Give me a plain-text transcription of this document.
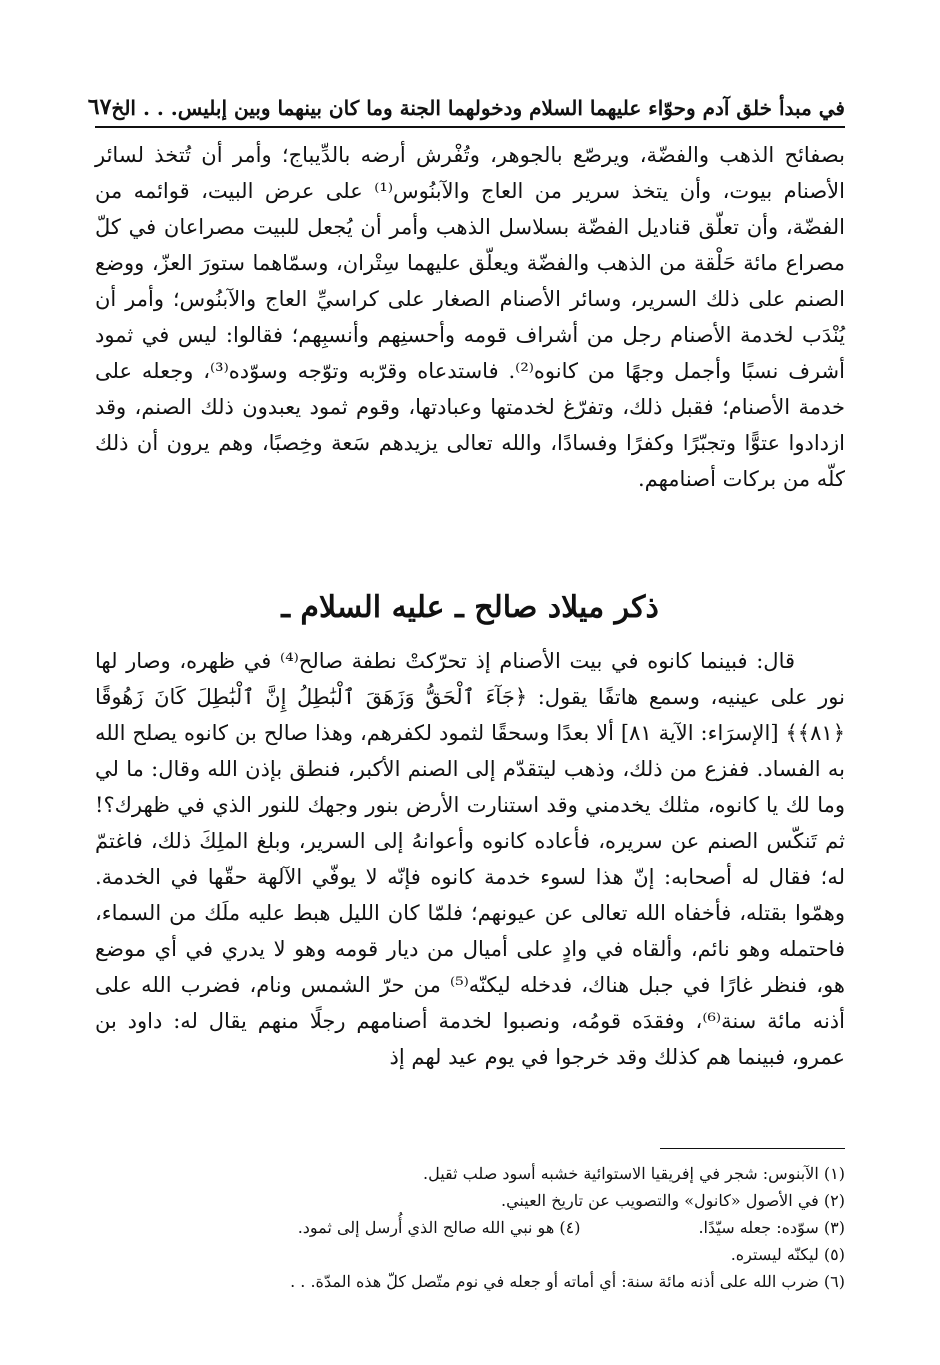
في مبدأ خلق آدم وحوّاء عليهما السلام ودخولهما الجنة وما كان بينهما وبين إبليس. . . الخ
٦٧

بصفائح الذهب والفضّة، ويرصّع بالجوهر، وتُفْرش أرضه بالدِّيباج؛ وأمر أن تُتخذ لسائر الأصنام بيوت، وأن يتخذ سرير من العاج والآبنُوس⁽¹⁾ على عرض البيت، قوائمه من الفضّة، وأن تعلّق قناديل الفضّة بسلاسل الذهب وأمر أن يُجعل للبيت مصراعان في كلّ مصراع مائة حَلْقة من الذهب والفضّة ويعلّق عليهما سِتْران، وسمّاهما ستورَ العزّ، ووضع الصنم على ذلك السرير، وسائر الأصنام الصغار على كراسيِّ العاج والآبنُوس؛ وأمر أن يُنْدَب لخدمة الأصنام رجل من أشراف قومه وأحسنِهم وأنسبِهم؛ فقالوا: ليس في ثمود أشرف نسبًا وأجمل وجهًا من كانوه⁽²⁾. فاستدعاه وقرّبه وتوّجه وسوّده⁽³⁾، وجعله على خدمة الأصنام؛ فقبل ذلك، وتفرّغ لخدمتها وعبادتها، وقوم ثمود يعبدون ذلك الصنم، وقد ازدادوا عتوًّا وتجبّرًا وكفرًا وفسادًا، والله تعالى يزيدهم سَعة وخِصبًا، وهم يرون أن ذلك كلّه من بركات أصنامهم.

ذكر ميلاد صالح ـ عليه السلام ـ

قال: فبينما كانوه في بيت الأصنام إذ تحرّكتْ نطفة صالح⁽⁴⁾ في ظهره، وصار لها نور على عينيه، وسمع هاتفًا يقول: ﴿جَآءَ ٱلْحَقُّ وَزَهَقَ ٱلْبَٰطِلُ إِنَّ ٱلْبَٰطِلَ كَانَ زَهُوقًا ﴿٨١﴾﴾ [الإسرَاء: الآية ٨١] ألا بعدًا وسحقًا لثمود لكفرهم، وهذا صالح بن كانوه يصلح الله به الفساد. ففزع من ذلك، وذهب ليتقدّم إلى الصنم الأكبر، فنطق بإذن الله وقال: ما لي وما لك يا كانوه، مثلك يخدمني وقد استنارت الأرض بنور وجهك للنور الذي في ظهرك؟! ثم تَنكّس الصنم عن سريره، فأعاده كانوه وأعوانهُ إلى السرير، وبلغ الملِكَ ذلك، فاغتمّ له؛ فقال له أصحابه: إنّ هذا لسوء خدمة كانوه فإنّه لا يوفّي الآلهة حقّها في الخدمة. وهمّوا بقتله، فأخفاه الله تعالى عن عيونهم؛ فلمّا كان الليل هبط عليه ملَك من السماء، فاحتمله وهو نائم، وألقاه في وادٍ على أميال من ديار قومه وهو لا يدري في أي موضع هو، فنظر غارًا في جبل هناك، فدخله ليكنّه⁽⁵⁾ من حرّ الشمس ونام، فضرب الله على أذنه مائة سنة⁽⁶⁾، وفقدَه قومُه، ونصبوا لخدمة أصنامهم رجلًا منهم يقال له: داود بن عمرو، فبينما هم كذلك وقد خرجوا في يوم عيد لهم إذ

(١) الآبنوس: شجر في إفريقيا الاستوائية خشبه أسود صلب ثقيل.
(٢) في الأصول «كانول» والتصويب عن تاريخ العيني.
(٣) سوّده: جعله سيّدًا.
(٤) هو نبي الله صالح الذي أُرسل إلى ثمود.
(٥) ليكنّه ليستره.
(٦) ضرب الله على أذنه مائة سنة: أي أماته أو جعله في نوم متّصل كلّ هذه المدّة. . .
